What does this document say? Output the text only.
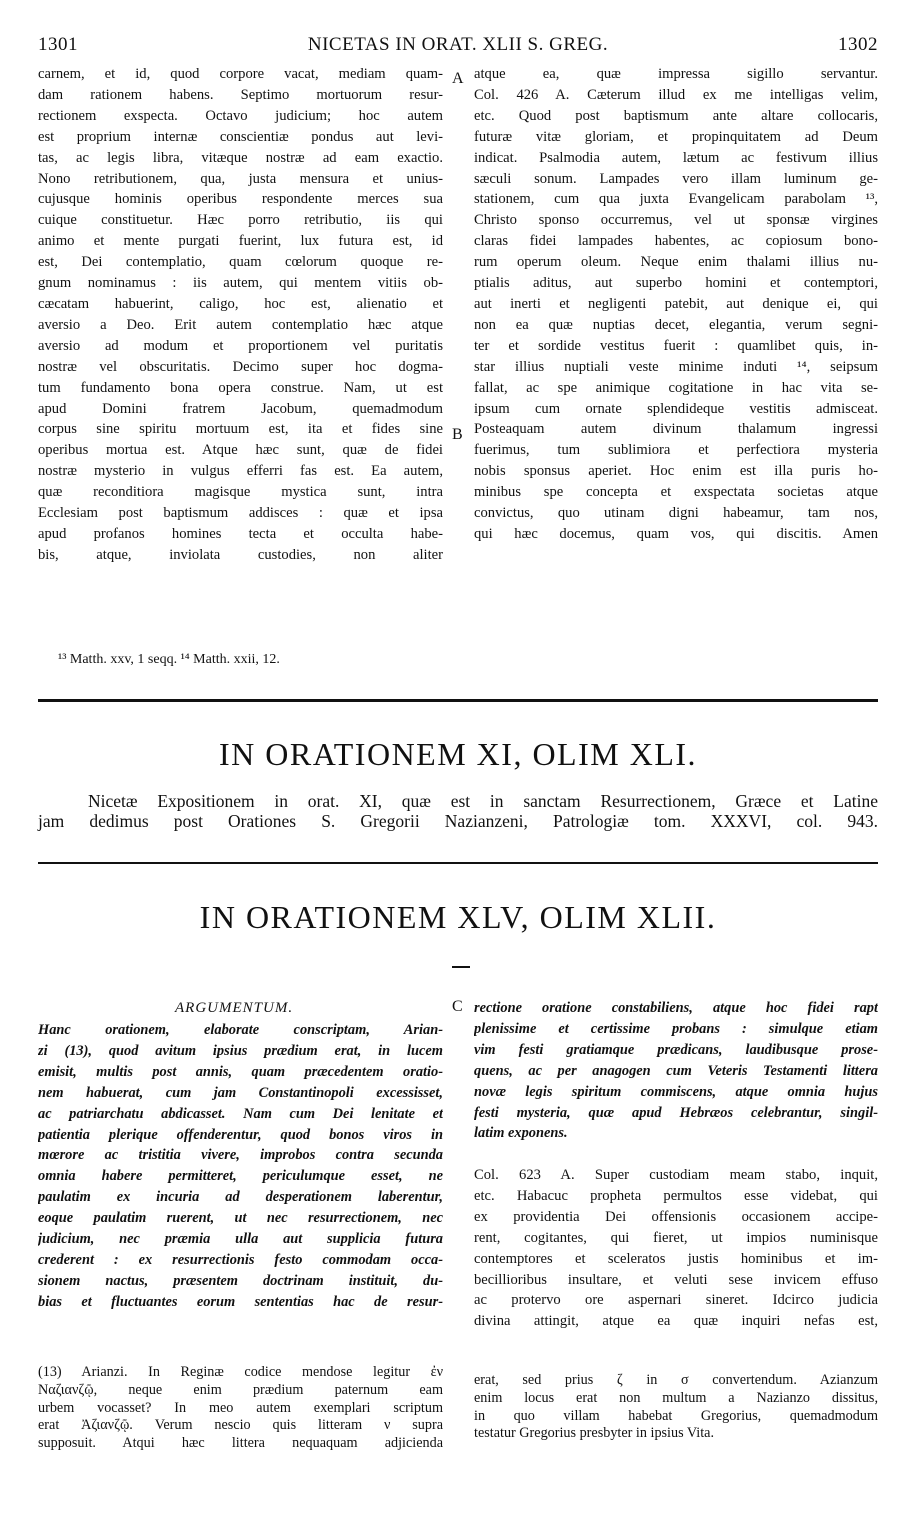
1301	NICETAS IN ORAT. XLII S. GREG.	1302
carnem, et id, quod corpore vacat, mediam quam-
dam rationem habens. Septimo mortuorum resur-
rectionem exspecta. Octavo judicium; hoc autem
est proprium internæ conscientiæ pondus aut levi-
tas, ac legis libra, vitæque nostræ ad eam exactio.
Nono retributionem, qua, justa mensura et unius-
cujusque hominis operibus respondente merces sua
cuique constituetur. Hæc porro retributio, iis qui
animo et mente purgati fuerint, lux futura est, id
est, Dei contemplatio, quam cœlorum quoque re-
gnum nominamus : iis autem, qui mentem vitiis ob-
cæcatam habuerint, caligo, hoc est, alienatio et
aversio a Deo. Erit autem contemplatio hæc atque
aversio ad modum et proportionem vel puritatis
nostræ vel obscuritatis. Decimo super hoc dogma-
tum fundamento bona opera construe. Nam, ut est
apud Domini fratrem Jacobum, quemadmodum
corpus sine spiritu mortuum est, ita et fides sine
operibus mortua est. Atque hæc sunt, quæ de fidei
nostræ mysterio in vulgus efferri fas est. Ea autem,
quæ reconditiora magisque mystica sunt, intra
Ecclesiam post baptismum addisces : quæ et ipsa
apud profanos homines tecta et occulta habe-
bis, atque, inviolata custodies, non aliter
atque ea, quæ impressa sigillo servantur.
Col. 426 A. Cæterum illud ex me intelligas velim,
etc. Quod post baptismum ante altare collocaris,
futuræ vitæ gloriam, et propinquitatem ad Deum
indicat. Psalmodia autem, lætum ac festivum illius
sæculi sonum. Lampades vero illam luminum ge-
stationem, cum qua juxta Evangelicam parabolam ¹³,
Christo sponso occurremus, vel ut sponsæ virgines
claras fidei lampades habentes, ac copiosum bono-
rum operum oleum. Neque enim thalami illius nu-
ptialis aditus, aut superbo homini et contemptori,
aut inerti et negligenti patebit, aut denique ei, qui
non ea quæ nuptias decet, elegantia, verum segni-
ter et sordide vestitus fuerit : quamlibet quis, in-
star illius nuptiali veste minime induti ¹⁴, seipsum
fallat, ac spe animique cogitatione in hac vita se-
ipsum cum ornate splendideque vestitis admisceat.
Posteaquam autem divinum thalamum ingressi
fuerimus, tum sublimiora et perfectiora mysteria
nobis sponsus aperiet. Hoc enim est illa puris ho-
minibus spe concepta et exspectata societas atque
convictus, quo utinam digni habeamur, tam nos,
qui hæc docemus, quam vos, qui discitis. Amen
A
B
¹³ Matth. xxv, 1 seqq. ¹⁴ Matth. xxii, 12.
IN ORATIONEM XI, OLIM XLI.
Nicetæ Expositionem in orat. XI, quæ est in sanctam Resurrectionem, Græce et Latine
jam dedimus post Orationes S. Gregorii Nazianzeni, Patrologiæ tom. XXXVI, col. 943.
IN ORATIONEM XLV, OLIM XLII.
ARGUMENTUM.	C
Hanc orationem, elaborate conscriptam, Arian-
zi (13), quod avitum ipsius prædium erat, in lucem
emisit, multis post annis, quam præcedentem oratio-
nem habuerat, cum jam Constantinopoli excessisset,
ac patriarchatu abdicasset. Nam cum Dei lenitate et
patientia plerique offenderentur, quod bonos viros in
mœrore ac tristitia vivere, improbos contra secunda
omnia habere permitteret, periculumque esset, ne
paulatim ex incuria ad desperationem laberentur,
eoque paulatim ruerent, ut nec resurrectionem, nec
judicium, nec præmia ulla aut supplicia futura
crederent : ex resurrectionis festo commodam occa-
sionem nactus, præsentem doctrinam instituit, du-
bias et fluctuantes eorum sententias hac de resur-
rectione oratione constabiliens, atque hoc fidei rapt
plenissime et certissime probans : simulque etiam
vim festi gratiamque prædicans, laudibusque prose-
quens, ac per anagogen cum Veteris Testamenti littera
novæ legis spiritum commiscens, atque omnia hujus
festi mysteria, quæ apud Hebræos celebrantur, singil-
latim exponens.
Col. 623 A. Super custodiam meam stabo, inquit,
etc. Habacuc propheta permultos esse videbat, qui
ex providentia Dei offensionis occasionem accipe-
rent, cogitantes, qui fieret, ut impios numinisque
contemptores et sceleratos justis hominibus et im-
becillioribus insultare, et veluti sese invicem effuso
ac protervo ore aspernari sineret. Idcirco judicia
divina attingit, atque ea quæ inquiri nefas est,
(13) Arianzi. In Reginæ codice mendose legitur ἐν
Ναζιανζῷ, neque enim prædium paternum eam
urbem vocasset? In meo autem exemplari scriptum
erat Ἀζιανζῷ. Verum nescio quis litteram ν supra
supposuit. Atqui hæc littera nequaquam adjicienda
erat, sed prius ζ in σ convertendum. Azianzum
enim locus erat non multum a Nazianzo dissitus,
in quo villam habebat Gregorius, quemadmodum
testatur Gregorius presbyter in ipsius Vita.
